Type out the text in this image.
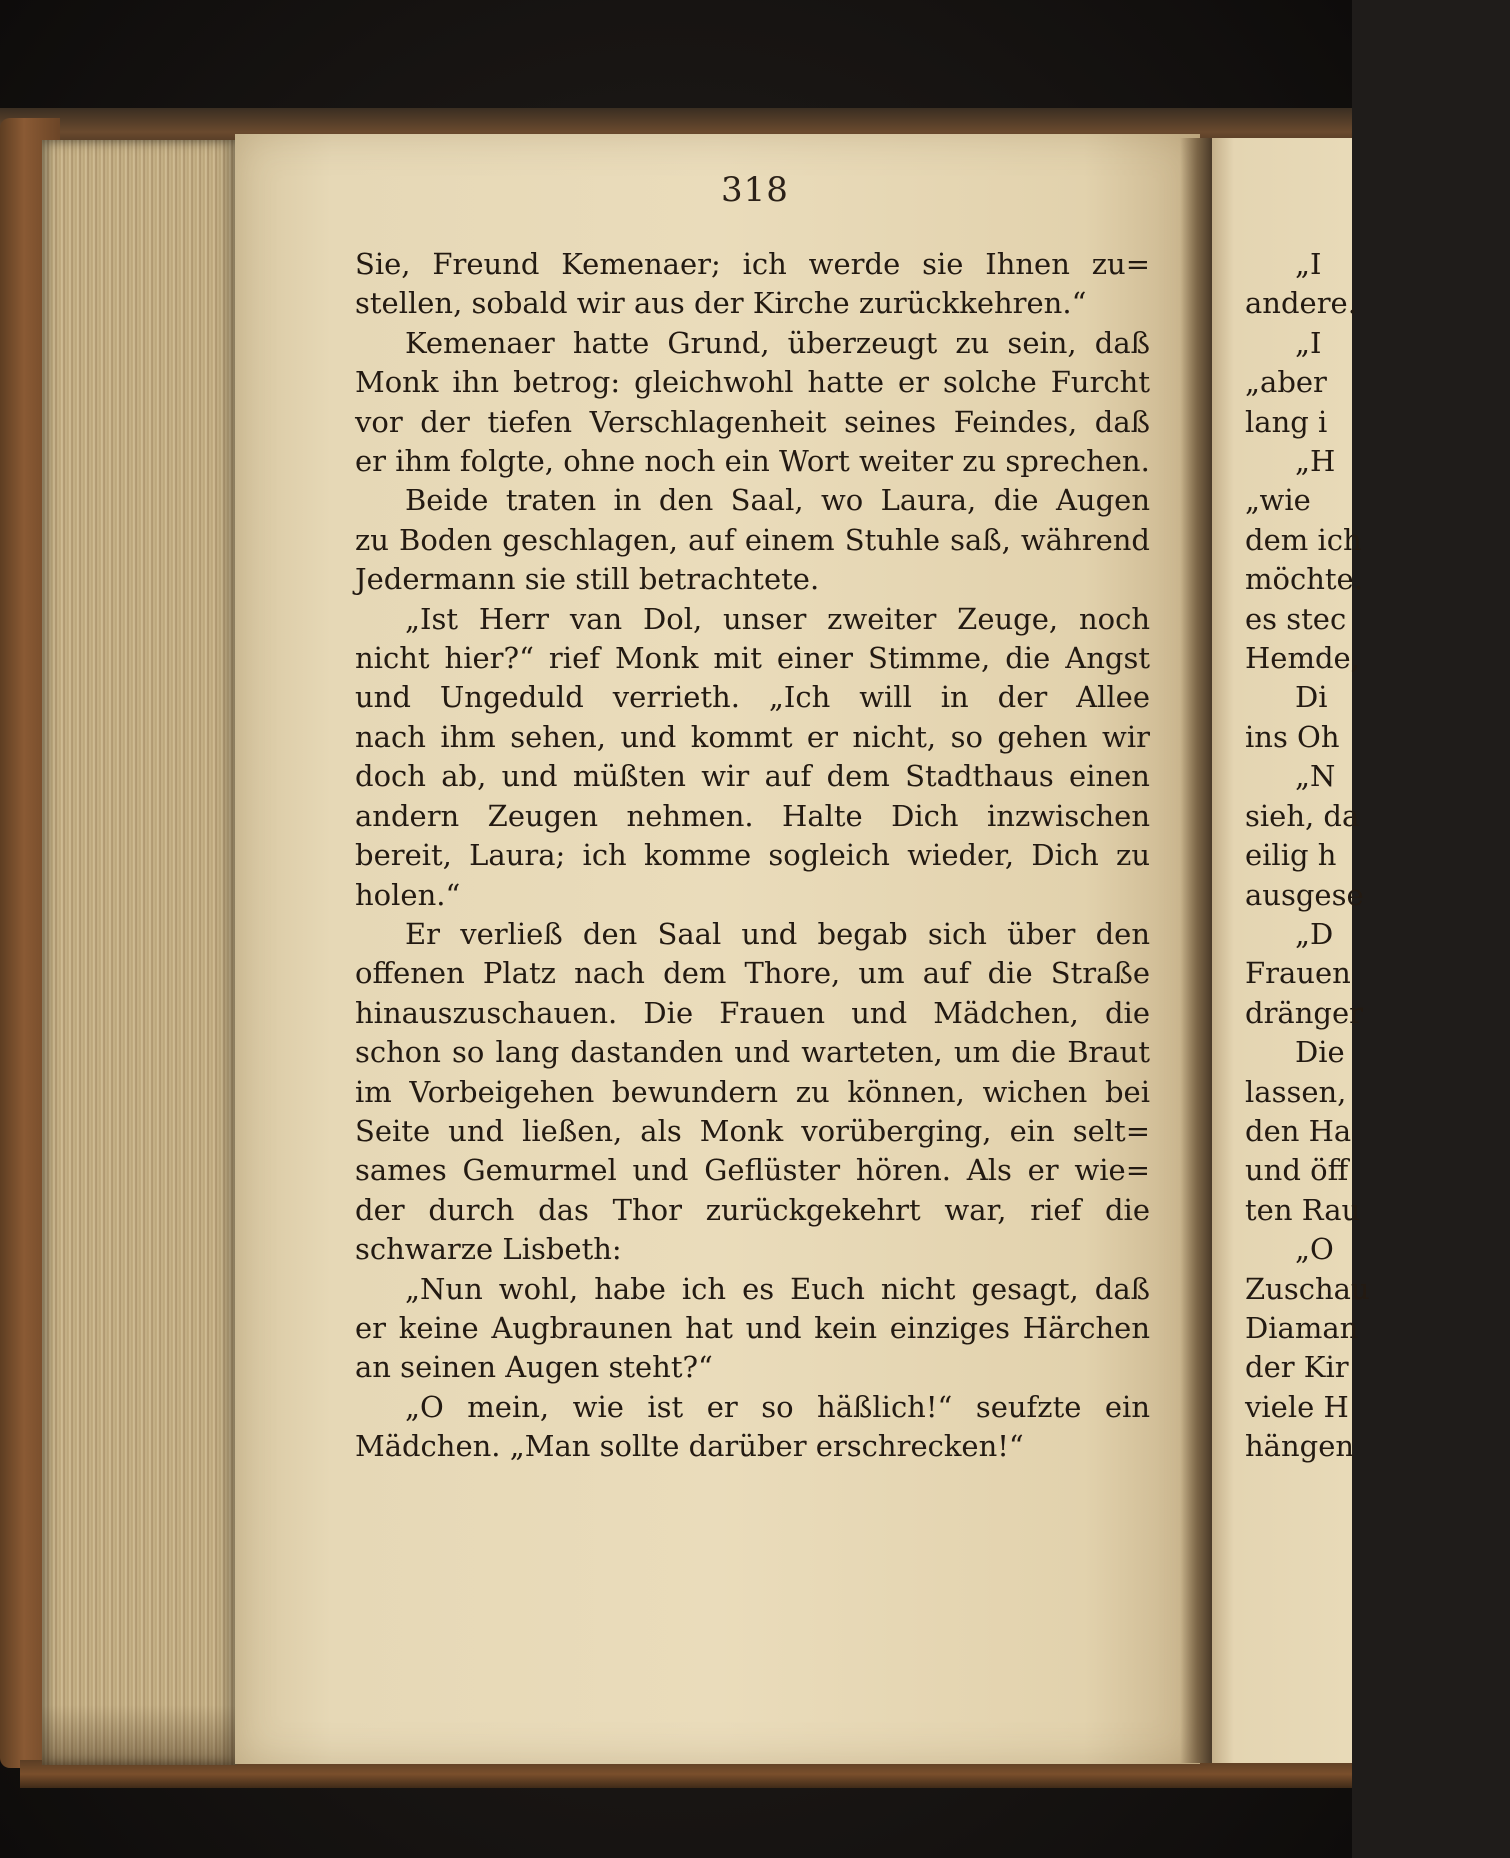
318
Sie, Freund Kemenaer; ich werde sie Ihnen zu=
stellen, sobald wir aus der Kirche zurückkehren.“
Kemenaer hatte Grund, überzeugt zu sein, daß
Monk ihn betrog: gleichwohl hatte er solche Furcht
vor der tiefen Verschlagenheit seines Feindes, daß
er ihm folgte, ohne noch ein Wort weiter zu sprechen.
Beide traten in den Saal, wo Laura, die Augen
zu Boden geschlagen, auf einem Stuhle saß, während
Jedermann sie still betrachtete.
„Ist Herr van Dol, unser zweiter Zeuge, noch
nicht hier?“ rief Monk mit einer Stimme, die Angst
und Ungeduld verrieth. „Ich will in der Allee
nach ihm sehen, und kommt er nicht, so gehen wir
doch ab, und müßten wir auf dem Stadthaus einen
andern Zeugen nehmen. Halte Dich inzwischen
bereit, Laura; ich komme sogleich wieder, Dich zu
holen.“
Er verließ den Saal und begab sich über den
offenen Platz nach dem Thore, um auf die Straße
hinauszuschauen. Die Frauen und Mädchen, die
schon so lang dastanden und warteten, um die Braut
im Vorbeigehen bewundern zu können, wichen bei
Seite und ließen, als Monk vorüberging, ein selt=
sames Gemurmel und Geflüster hören. Als er wie=
der durch das Thor zurückgekehrt war, rief die
schwarze Lisbeth:
„Nun wohl, habe ich es Euch nicht gesagt, daß
er keine Augbraunen hat und kein einziges Härchen
an seinen Augen steht?“
„O mein, wie ist er so häßlich!“ seufzte ein
Mädchen. „Man sollte darüber erschrecken!“
„I
andere.
„I
„aber
lang i
„H
„wie
dem ich
möchte.
es stec
Hemde,
Di
ins Oh
„N
sieh, da
eilig h
ausgese
„D
Frauen
dränger
Die
lassen,
den Ha
und öff
ten Rau
„O
Zuschau
Diaman
der Kir
viele H
hängen
